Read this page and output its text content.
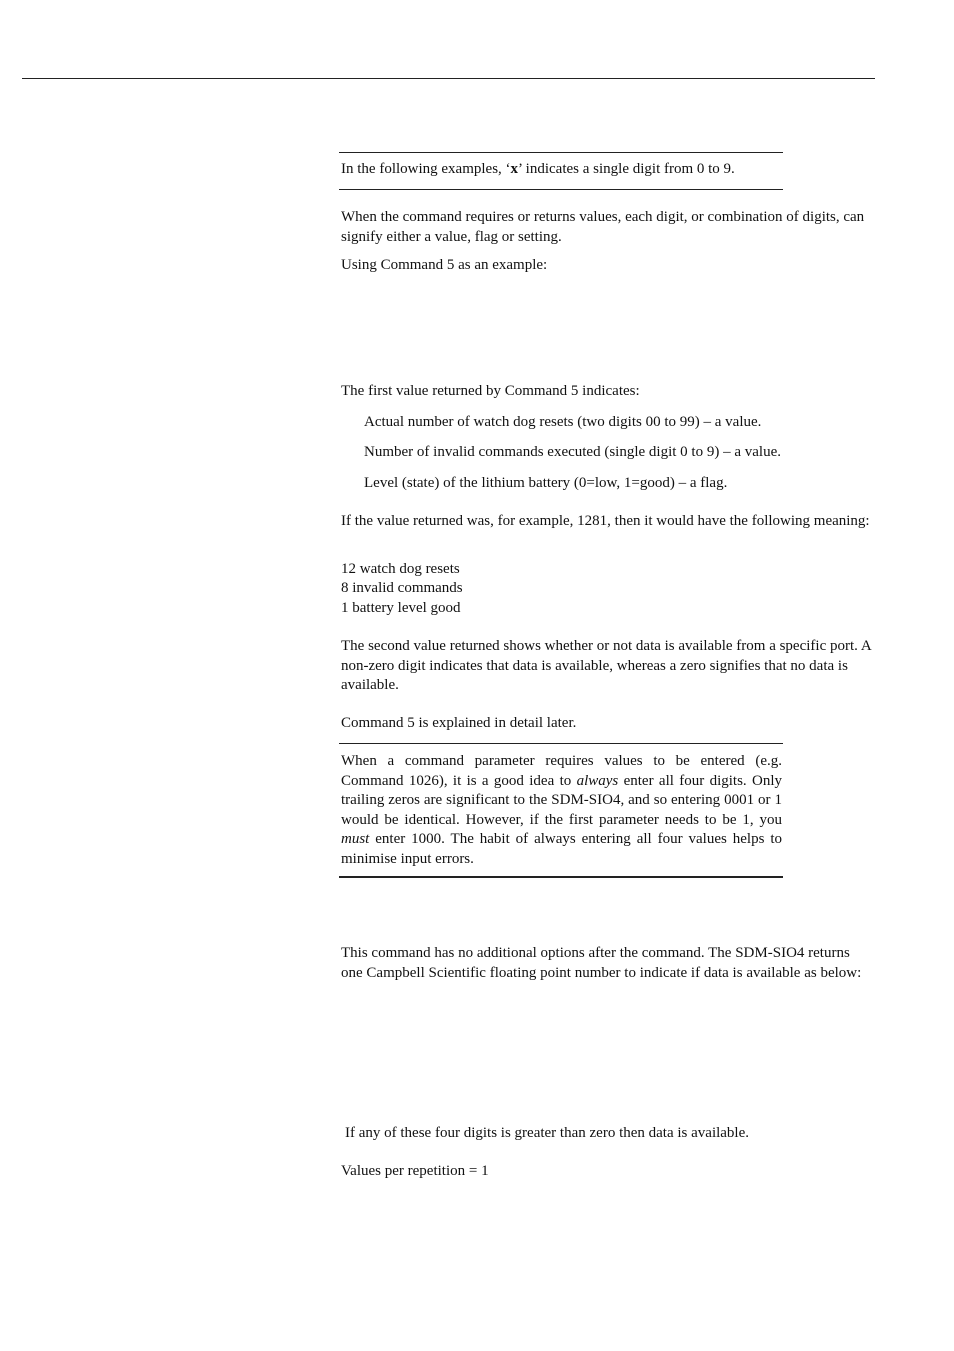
In the following examples, ‘x’ indicates a single digit from 0 to 9.

When the command requires or returns values, each digit, or combination of digits, can signify either a value, flag or setting.

Using Command 5 as an example:

The first value returned by Command 5 indicates:

Actual number of watch dog resets (two digits 00 to 99) – a value.

Number of invalid commands executed (single digit 0 to 9) – a value.

Level (state) of the lithium battery (0=low, 1=good) – a flag.

If the value returned was, for example, 1281, then it would have the following meaning:

12 watch dog resets

8 invalid commands

1 battery level good

The second value returned shows whether or not data is available from a specific port. A non-zero digit indicates that data is available, whereas a zero signifies that no data is available.

Command 5 is explained in detail later.

When a command parameter requires values to be entered (e.g. Command 1026), it is a good idea to always enter all four digits. Only trailing zeros are significant to the SDM-SIO4, and so entering 0001 or 1 would be identical. However, if the first parameter needs to be 1, you must enter 1000. The habit of always entering all four values helps to minimise input errors.

This command has no additional options after the command. The SDM-SIO4 returns one Campbell Scientific floating point number to indicate if data is available as below:

If any of these four digits is greater than zero then data is available.

Values per repetition = 1
